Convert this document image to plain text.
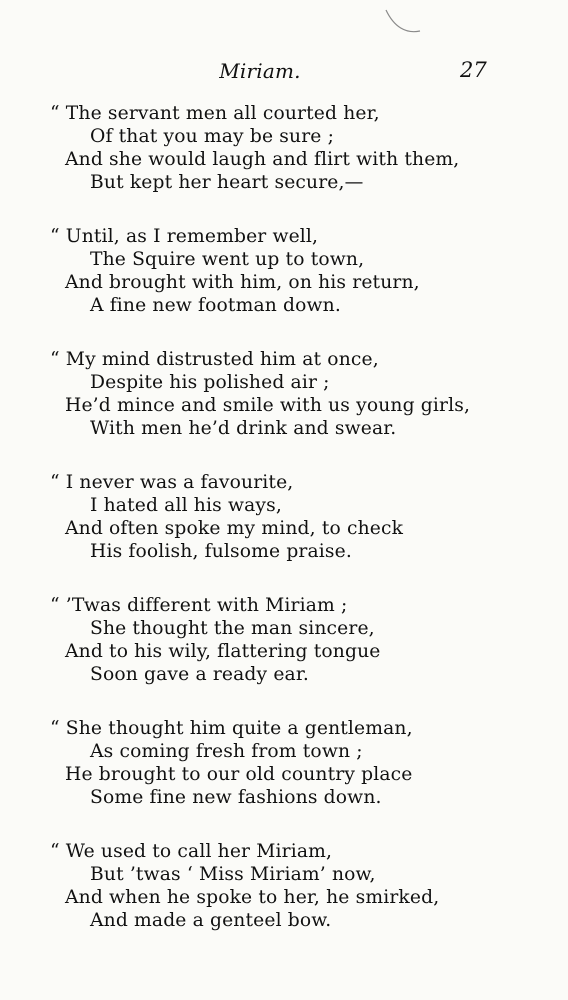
Miriam.	27
“ The servant men all courted her,
Of that you may be sure ;
And she would laugh and flirt with them,
But kept her heart secure,—
“ Until, as I remember well,
The Squire went up to town,
And brought with him, on his return,
A fine new footman down.
“ My mind distrusted him at once,
Despite his polished air ;
He’d mince and smile with us young girls,
With men he’d drink and swear.
“ I never was a favourite,
I hated all his ways,
And often spoke my mind, to check
His foolish, fulsome praise.
“ ’Twas different with Miriam ;
She thought the man sincere,
And to his wily, flattering tongue
Soon gave a ready ear.
“ She thought him quite a gentleman,
As coming fresh from town ;
He brought to our old country place
Some fine new fashions down.
“ We used to call her Miriam,
But ’twas ‘ Miss Miriam’ now,
And when he spoke to her, he smirked,
And made a genteel bow.
